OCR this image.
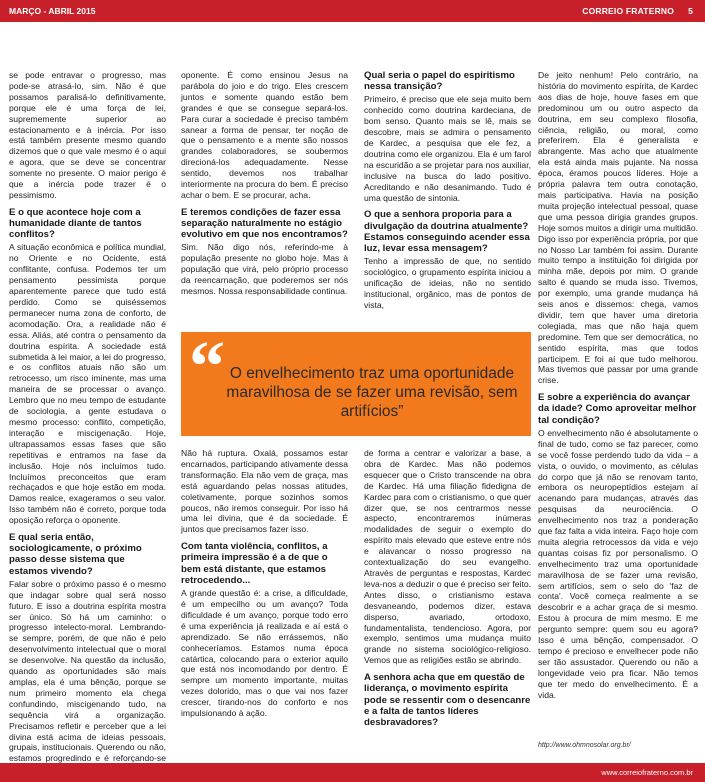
MARÇO - ABRIL 2015	CORREIO FRATERNO 5

se pode entravar o progresso, mas pode-se atrasá-lo, sim. Não é que possamos paralisá-lo definitivamente, porque ele é uma força de lei, suprememente superior ao estacionamento e à inércia. Por isso está também presente mesmo quando dizemos que o que vale mesmo é o aqui e agora, que se deve se concentrar somente no presente. O maior perigo é que a inércia pode trazer é o pessimismo.

E o que acontece hoje com a humanidade diante de tantos conflitos?

A situação econômica e política mundial, no Oriente e no Ocidente, está conflitante, confusa. Podemos ter um pensamento pessimista porque aparentemente parece que tudo está perdido. Como se quiséssemos permanecer numa zona de conforto, de acomodação. Ora, a realidade não é essa. Aliás, até contra o pensamento da doutrina espírita. A sociedade está submetida à lei maior, a lei do progresso, e os conflitos atuais não são um retrocesso, um risco iminente, mas uma maneira de se processar o avanço. Lembro que no meu tempo de estudante de sociologia, a gente estudava o mesmo processo: conflito, competição, interação e miscigenação. Hoje, ultrapassamos essas fases que são repetitivas e entramos na fase da inclusão. Hoje nós incluímos tudo. Incluímos preconceitos que eram rechaçados e que hoje estão em moda. Damos realce, exageramos o seu valor. Isso também não é correto, porque toda oposição reforça o oponente.

E qual seria então, sociologicamente, o próximo passo desse sistema que estamos vivendo?

Falar sobre o próximo passo é o mesmo que indagar sobre qual será nosso futuro. E isso a doutrina espírita mostra ser único. Só há um caminho: o progresso intelecto-moral. Lembrando-se sempre, porém, de que não é pelo desenvolvimento intelectual que o moral se desenvolve. Na questão da inclusão, quando as oportunidades são mais amplas, ela é uma bênção, porque se num primeiro momento ela chega confundindo, miscigenando tudo, na sequência virá a organização. Precisamos refletir e perceber que a lei divina está acima de ideias pessoais, grupais, institucionais. Querendo ou não, estamos progredindo e é reforçando-se

oponente. É como ensinou Jesus na parábola do joio e do trigo. Eles crescem juntos e somente quando estão bem grandes é que se consegue separá-los. Para curar a sociedade é preciso também sanear a forma de pensar, ter noção de que o pensamento e a mente são nossos grandes colaboradores, se soubermos direcioná-los adequadamente. Nesse sentido, devemos nos trabalhar interiormente na procura do bem. É preciso achar o bem. E se procurar, acha.

E teremos condições de fazer essa separação naturalmente no estágio evolutivo em que nos encontramos?

Sim. Não digo nós, referindo-me à população presente no globo hoje. Mas à população que virá, pelo próprio processo da reencarnação, que poderemos ser nós mesmos. Nossa responsabilidade continua.

Qual seria o papel do espiritismo nessa transição?

Primeiro, é preciso que ele seja muito bem conhecido como doutrina kardeciana, de bom senso. Quanto mais se lê, mais se descobre, mais se admira o pensamento de Kardec, a pesquisa que ele fez, a doutrina como ele organizou. Ela é um farol na escuridão a se projetar para nos auxiliar, inclusive na busca do lado positivo. Acreditando e não desanimando. Tudo é uma questão de sintonia.

O que a senhora proporia para a divulgação da doutrina atualmente? Estamos conseguindo acender essa luz, levar essa mensagem?

Tenho a impressão de que, no sentido sociológico, o grupamento espírita iniciou a unificação de ideias, não no sentido institucional, orgânico, mas de pontos de vista,

“ O envelhecimento traz uma oportunidade maravilhosa de se fazer uma revisão, sem artifícios”

Não há ruptura. Oxalá, possamos estar encarnados, participando ativamente dessa transformação. Ela não vem de graça, mas está aguardando pelas nossas atitudes, coletivamente, porque sozinhos somos poucos, não iremos conseguir. Por isso há uma lei divina, que é da sociedade. É juntos que precisamos fazer isso.

Com tanta violência, conflitos, a primeira impressão é a de que o bem está distante, que estamos retrocedendo...

A grande questão é: a crise, a dificuldade, é um empecilho ou um avanço? Toda dificuldade é um avanço, porque todo erro é uma experiência já realizada e aí está o aprendizado. Se não errássemos, não conheceríamos. Estamos numa época catártica, colocando para o exterior aquilo que está nos incomodando por dentro. É sempre um momento importante, muitas vezes dolorido, mas o que vai nos fazer crescer, tirando-nos do conforto e nos impulsionando à ação.

de forma a centrar e valorizar a base, a obra de Kardec. Mas não podemos esquecer que o Cristo transcende na obra de Kardec. Há uma filiação fidedigna de Kardec para com o cristianismo, o que quer dizer que, se nos centrarmos nesse aspecto, encontraremos inúmeras modalidades de seguir o exemplo do espírito mais elevado que esteve entre nós e alavancar o nosso progresso na contextualização do seu evangelho. Através de perguntas e respostas, Kardec leva-nos a deduzir o que é preciso ser feito. Antes disso, o cristianismo estava desvaneando, podemos dizer, estava disperso, avariado, ortodoxo, fundamentalista, tendencioso. Agora, por exemplo, sentimos uma mudança muito grande no sistema sociológico-religioso. Vemos que as religiões estão se abrindo.

A senhora acha que em questão de liderança, o movimento espírita pode se ressentir com o desencanre e a falta de tantos líderes desbravadores?

De jeito nenhum! Pelo contrário, na história do movimento espírita, de Kardec aos dias de hoje, houve fases em que predominou um ou outro aspecto da doutrina, em seu complexo filosofia, ciência, religião, ou moral, como preferirem. Ela é generalista e abrangente. Mas acho que atualmente ela está ainda mais pujante. Na nossa época, éramos poucos líderes. Hoje a própria palavra tem outra conotação, mais participativa. Havia na posição muita projeção intelectual pessoal, quase que uma pessoa dirigia grandes grupos. Hoje somos muitos a dirigir uma multidão. Digo isso por experiência própria, por que no Nosso Lar também foi assim. Durante muito tempo a instituição foi dirigida por minha mãe, depois por mim. O grande salto é quando se muda isso. Tivemos, por exemplo, uma grande mudança há seis anos e dissemos: chega, vamos dividir, tem que haver uma diretoria colegiada, mas que não haja quem predomine. Tem que ser democrática, no sentido espírita, mas que todos participem. E foi aí que tudo melhorou. Mas tivemos que passar por uma grande crise.

E sobre a experiência do avançar da idade? Como aproveitar melhor tal condição?

O envelhecimento não é absolutamente o final de tudo, como se faz parecer, como se você fosse perdendo tudo da vida – a vista, o ouvido, o movimento, as células do corpo que já não se renovam tanto, embora os neuropeptídios estejam aí acenando para mudanças, através das pesquisas da neurociência. O envelhecimento nos traz a ponderação que faz falta a vida inteira. Faço hoje com muita alegria retrocessos da vida e vejo quantas coisas fiz por personalismo. O envelhecimento traz uma oportunidade maravilhosa de se fazer uma revisão, sem artifícios, sem o selo do 'faz de conta'. Você começa realmente a se descobrir e a achar graça de si mesmo. Estou à procura de mim mesmo. E me pergunto sempre: quem sou eu agora? Isso é uma bênção, compensador. O tempo é precioso e envelhecer pode não ser tão assustador. Querendo ou não a longevidade veio pra ficar. Não temos que ter medo do envelhecimento. É a vida.

http://www.ohmnosolar.org.br/
www.correiofraterno.com.br
